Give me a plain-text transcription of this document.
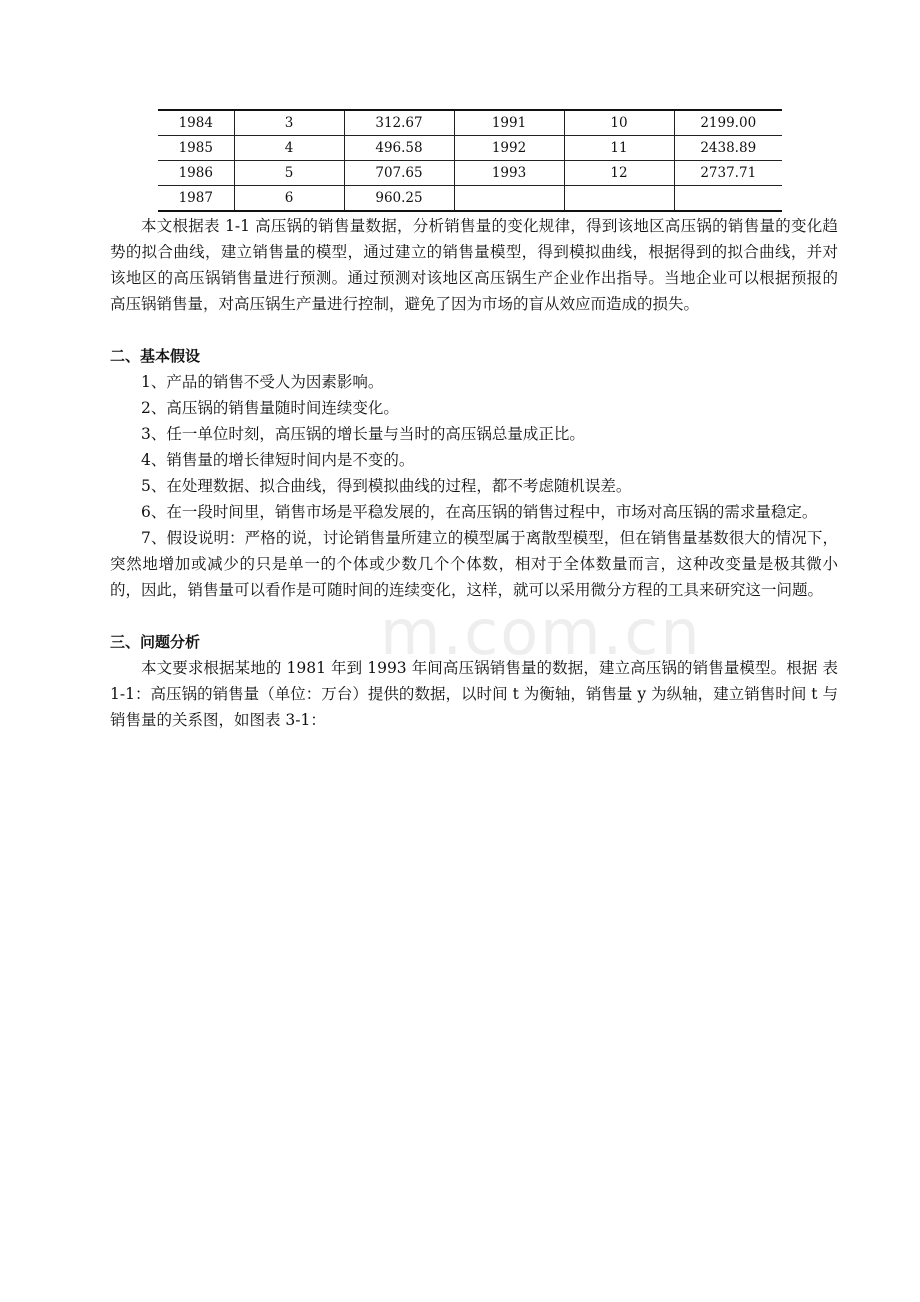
1984	3	312.67	1991	10	2199.00
1985	4	496.58	1992	11	2438.89
1986	5	707.65	1993	12	2737.71
1987	6	960.25			

本文根据表 1-1 高压锅的销售量数据，分析销售量的变化规律，得到该地区高压锅的销售量的变化趋势的拟合曲线，建立销售量的模型，通过建立的销售量模型，得到模拟曲线，根据得到的拟合曲线，并对该地区的高压锅销售量进行预测。通过预测对该地区高压锅生产企业作出指导。当地企业可以根据预报的高压锅销售量，对高压锅生产量进行控制，避免了因为市场的盲从效应而造成的损失。

二、基本假设

1、产品的销售不受人为因素影响。

2、高压锅的销售量随时间连续变化。

3、任一单位时刻，高压锅的增长量与当时的高压锅总量成正比。

4、销售量的增长律短时间内是不变的。

5、在处理数据、拟合曲线，得到模拟曲线的过程，都不考虑随机误差。

6、在一段时间里，销售市场是平稳发展的，在高压锅的销售过程中，市场对高压锅的需求量稳定。

7、假设说明：严格的说，讨论销售量所建立的模型属于离散型模型，但在销售量基数很大的情况下，突然地增加或减少的只是单一的个体或少数几个个体数，相对于全体数量而言，这种改变量是极其微小的，因此，销售量可以看作是可随时间的连续变化，这样，就可以采用微分方程的工具来研究这一问题。

三、问题分析

本文要求根据某地的 1981 年到 1993 年间高压锅销售量的数据，建立高压锅的销售量模型。根据 表 1-1：高压锅的销售量（单位：万台）提供的数据，以时间 t 为衡轴，销售量 y 为纵轴，建立销售时间 t 与销售量的关系图，如图表 3-1：

m.com.cn
